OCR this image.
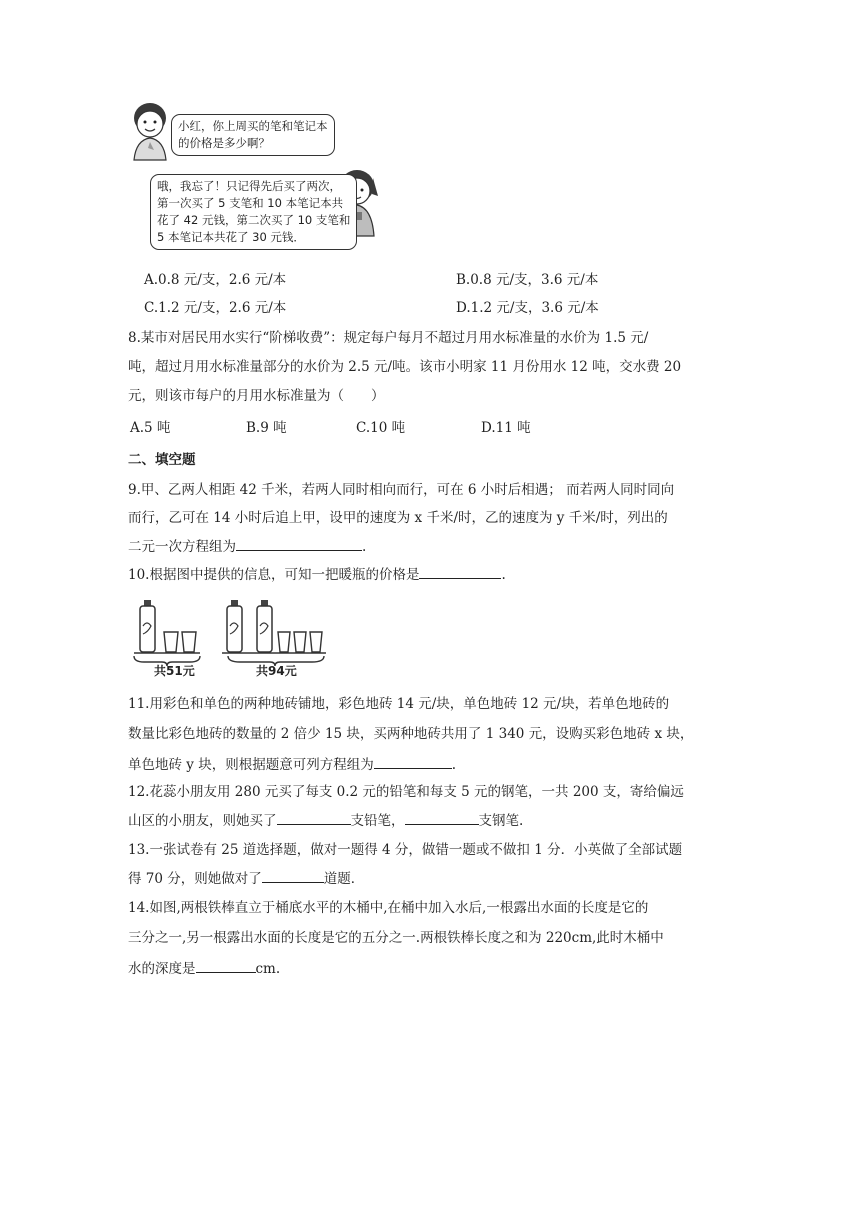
小红，你上周买的笔和笔记本
的价格是多少啊？
哦，我忘了！只记得先后买了两次，
第一次买了 5 支笔和 10 本笔记本共
花了 42 元钱，第二次买了 10 支笔和
5 本笔记本共花了 30 元钱．
A.0.8 元/支，2.6 元/本	B.0.8 元/支，3.6 元/本
C.1.2 元/支，2.6 元/本	D.1.2 元/支，3.6 元/本
8.某市对居民用水实行“阶梯收费”：规定每户每月不超过月用水标准量的水价为 1.5 元/
吨，超过月用水标准量部分的水价为 2.5 元/吨。该市小明家 11 月份用水 12 吨，交水费 20
元，则该市每户的月用水标准量为（　　）
A.5 吨	B.9 吨	C.10 吨	D.11 吨
二、填空题
9.甲、乙两人相距 42 千米，若两人同时相向而行，可在 6 小时后相遇； 而若两人同时同向
而行，乙可在 14 小时后追上甲，设甲的速度为 x 千米/时，乙的速度为 y 千米/时，列出的
二元一次方程组为	.
10.根据图中提供的信息，可知一把暖瓶的价格是	.
共51元	共94元
11.用彩色和单色的两种地砖铺地，彩色地砖 14 元/块，单色地砖 12 元/块，若单色地砖的
数量比彩色地砖的数量的 2 倍少 15 块，买两种地砖共用了 1 340 元，设购买彩色地砖 x 块，
单色地砖 y 块，则根据题意可列方程组为	.
12.花蕊小朋友用 280 元买了每支 0.2 元的铅笔和每支 5 元的钢笔，一共 200 支，寄给偏远
山区的小朋友，则她买了	支铅笔，	支钢笔.
13.一张试卷有 25 道选择题，做对一题得 4 分，做错一题或不做扣 1 分．小英做了全部试题
得 70 分，则她做对了	道题．
14.如图,两根铁棒直立于桶底水平的木桶中,在桶中加入水后,一根露出水面的长度是它的
三分之一,另一根露出水面的长度是它的五分之一.两根铁棒长度之和为 220cm,此时木桶中
水的深度是	cm.
